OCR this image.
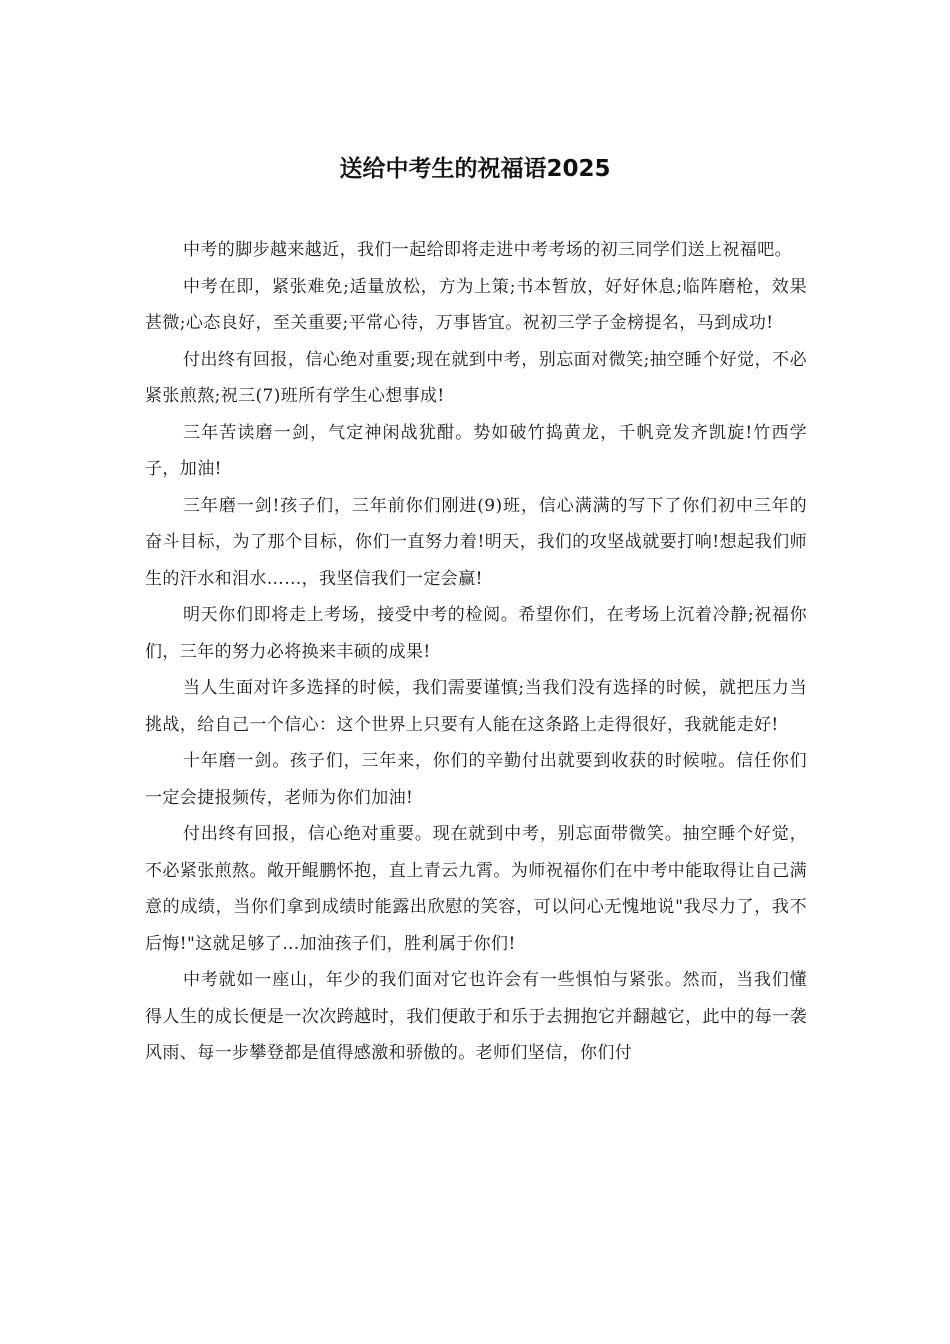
送给中考生的祝福语2025

中考的脚步越来越近，我们一起给即将走进中考考场的初三同学们送上祝福吧。

中考在即，紧张难免;适量放松，方为上策;书本暂放，好好休息;临阵磨枪，效果甚微;心态良好，至关重要;平常心待，万事皆宜。祝初三学子金榜提名，马到成功!

付出终有回报，信心绝对重要;现在就到中考，别忘面对微笑;抽空睡个好觉，不必紧张煎熬;祝三(7)班所有学生心想事成!

三年苦读磨一剑，气定神闲战犹酣。势如破竹捣黄龙，千帆竞发齐凯旋!竹西学子，加油!

三年磨一剑!孩子们，三年前你们刚进(9)班，信心满满的写下了你们初中三年的奋斗目标，为了那个目标，你们一直努力着!明天，我们的攻坚战就要打响!想起我们师生的汗水和泪水……，我坚信我们一定会赢!

明天你们即将走上考场，接受中考的检阅。希望你们，在考场上沉着冷静;祝福你们，三年的努力必将换来丰硕的成果!

当人生面对许多选择的时候，我们需要谨慎;当我们没有选择的时候，就把压力当挑战，给自己一个信心：这个世界上只要有人能在这条路上走得很好，我就能走好!

十年磨一剑。孩子们，三年来，你们的辛勤付出就要到收获的时候啦。信任你们一定会捷报频传，老师为你们加油!

付出终有回报，信心绝对重要。现在就到中考，别忘面带微笑。抽空睡个好觉，不必紧张煎熬。敞开鲲鹏怀抱，直上青云九霄。为师祝福你们在中考中能取得让自己满意的成绩，当你们拿到成绩时能露出欣慰的笑容，可以问心无愧地说"我尽力了，我不后悔!"这就足够了…加油孩子们，胜利属于你们!

中考就如一座山，年少的我们面对它也许会有一些惧怕与紧张。然而，当我们懂得人生的成长便是一次次跨越时，我们便敢于和乐于去拥抱它并翻越它，此中的每一袭风雨、每一步攀登都是值得感激和骄傲的。老师们坚信，你们付
